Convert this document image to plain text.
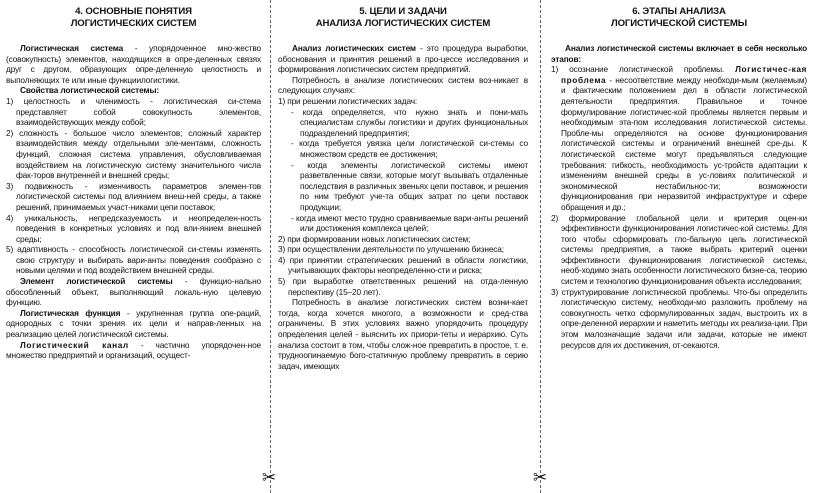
4. ОСНОВНЫЕ ПОНЯТИЯ
ЛОГИСТИЧЕСКИХ СИСТЕМ

Логистическая система - упорядоченное мно-жество (совокупность) элементов, находящихся в опре-деленных связях друг с другом, образующих опре-деленную целостность и выполняющих те или иные функциилогистики.

Свойства логистической системы:

1) целостность и членимость - логистическая си-стема представляет собой совокупность элементов, взаимодействующих между собой;

2) сложность - большое число элементов; сложный характер взаимодействия между отдельными эле-ментами, сложность функций, сложная система управления, обусловливаемая воздействием на логистическую систему значительного числа фак-торов внутренней и внешней среды;

3) подвижность - изменчивость параметров элемен-тов логистической системы под влиянием внеш-ней среды, а также решений, принимаемых участ-никами цепи поставок;

4) уникальность, непредсказуемость и неопределен-ность поведения в конкретных условиях и под вли-янием внешней среды;

5) адаптивность - способность логистической си-стемы изменять свою структуру и выбирать вари-анты поведения сообразно с новыми целями и под воздействием внешней среды.

Элемент логистической системы - функцио-нально обособленный объект, выполняющий локаль-ную целевую функцию.

Логистическая функция - укрупненная группа опе-раций, однородных с точки зрения их цели и направ-ленных на реализацию целей логистической системы.

Логистический канал - частично упорядочен-ное множество предприятий и организаций, осущест-

5. ЦЕЛИ И ЗАДАЧИ
АНАЛИЗА ЛОГИСТИЧЕСКИХ СИСТЕМ

Анализ логистических систем - это процедура выработки, обоснования и принятия решений в про-цессе исследования и формирования логистических систем предприятий.

Потребность в анализе логистических систем воз-никает в следующих случаях:

1) при решении логистических задач:

- когда определяется, что нужно знать и пони-мать специалистам службы логистики и других функциональных подразделений предприятия;

- когда требуется увязка цели логистической си-стемы со множеством средств ее достижения;

- когда элементы логистической системы имеют разветвленные связи, которые могут вызывать отдаленные последствия в различных звеньях цепи поставок, и решения по ним требуют уче-та общих затрат по цепи поставок продукции;

- когда имеют место трудно сравниваемые вари-анты решений или достижения комплекса целей;

2) при формировании новых логистических систем;

3) при осуществлении деятельности по улучшению бизнеса;

4) при принятии стратегических решений в области логистики, учитывающих факторы неопределенно-сти и риска;

5) при выработке ответственных решений на отда-ленную перспективу (15–20 лет).

Потребность в анализе логистических систем возни-кает тогда, когда хочется многого, а возможности и сред-ства ограничены. В этих условиях важно упорядочить процедуру определения целей - выяснить их приори-теты и иерархию. Суть анализа состоит в том, чтобы слож-ное превратить в простое, т. е. трудноопинаемую бого-статичную проблему превратить в серию задач, имеющих

6. ЭТАПЫ АНАЛИЗА
ЛОГИСТИЧЕСКОЙ СИСТЕМЫ

Анализ логистической системы включает в себя несколько этапов:

1) осознание логистической проблемы. Логистичес-кая проблема - несоответствие между необходи-мым (желаемым) и фактическим положением дел в области логистической деятельности предприятия. Правильное и точное формулирование логистичес-кой проблемы является первым и необходимым эта-пом исследования логистической системы. Пробле-мы определяются на основе функционирования логистической системы и ограничений внешней сре-ды. К логистической системе могут предъявляться следующие требования: гибкость, необходимость ус-тройств адаптации к изменениям внешней среды в ус-ловиях политической и экономической нестабильнос-ти; возможности функционирования при неразвитой инфраструктуре и сфере обращения и др.;

2) формирование глобальной цели и критерия оцен-ки эффективности функционирования логистичес-кой системы. Для того чтобы сформировать гло-бальную цель логистической системы предприятия, а также выбрать критерий оценки эффективности функционирования логистической системы, необ-ходимо знать особенности логистического бизне-са, теорию систем и технологию функционирования объекта исследования;

3) структурирование логистической проблемы. Что-бы определить логистическую систему, необходи-мо разложить проблему на совокупность четко сформулированных задач, выстроить их в опре-деленной иерархии и наметить методы их реализа-ции. При этом малозначащие задачи или задачи, которые не имеют ресурсов для их достижения, от-секаются.

✂	✂
